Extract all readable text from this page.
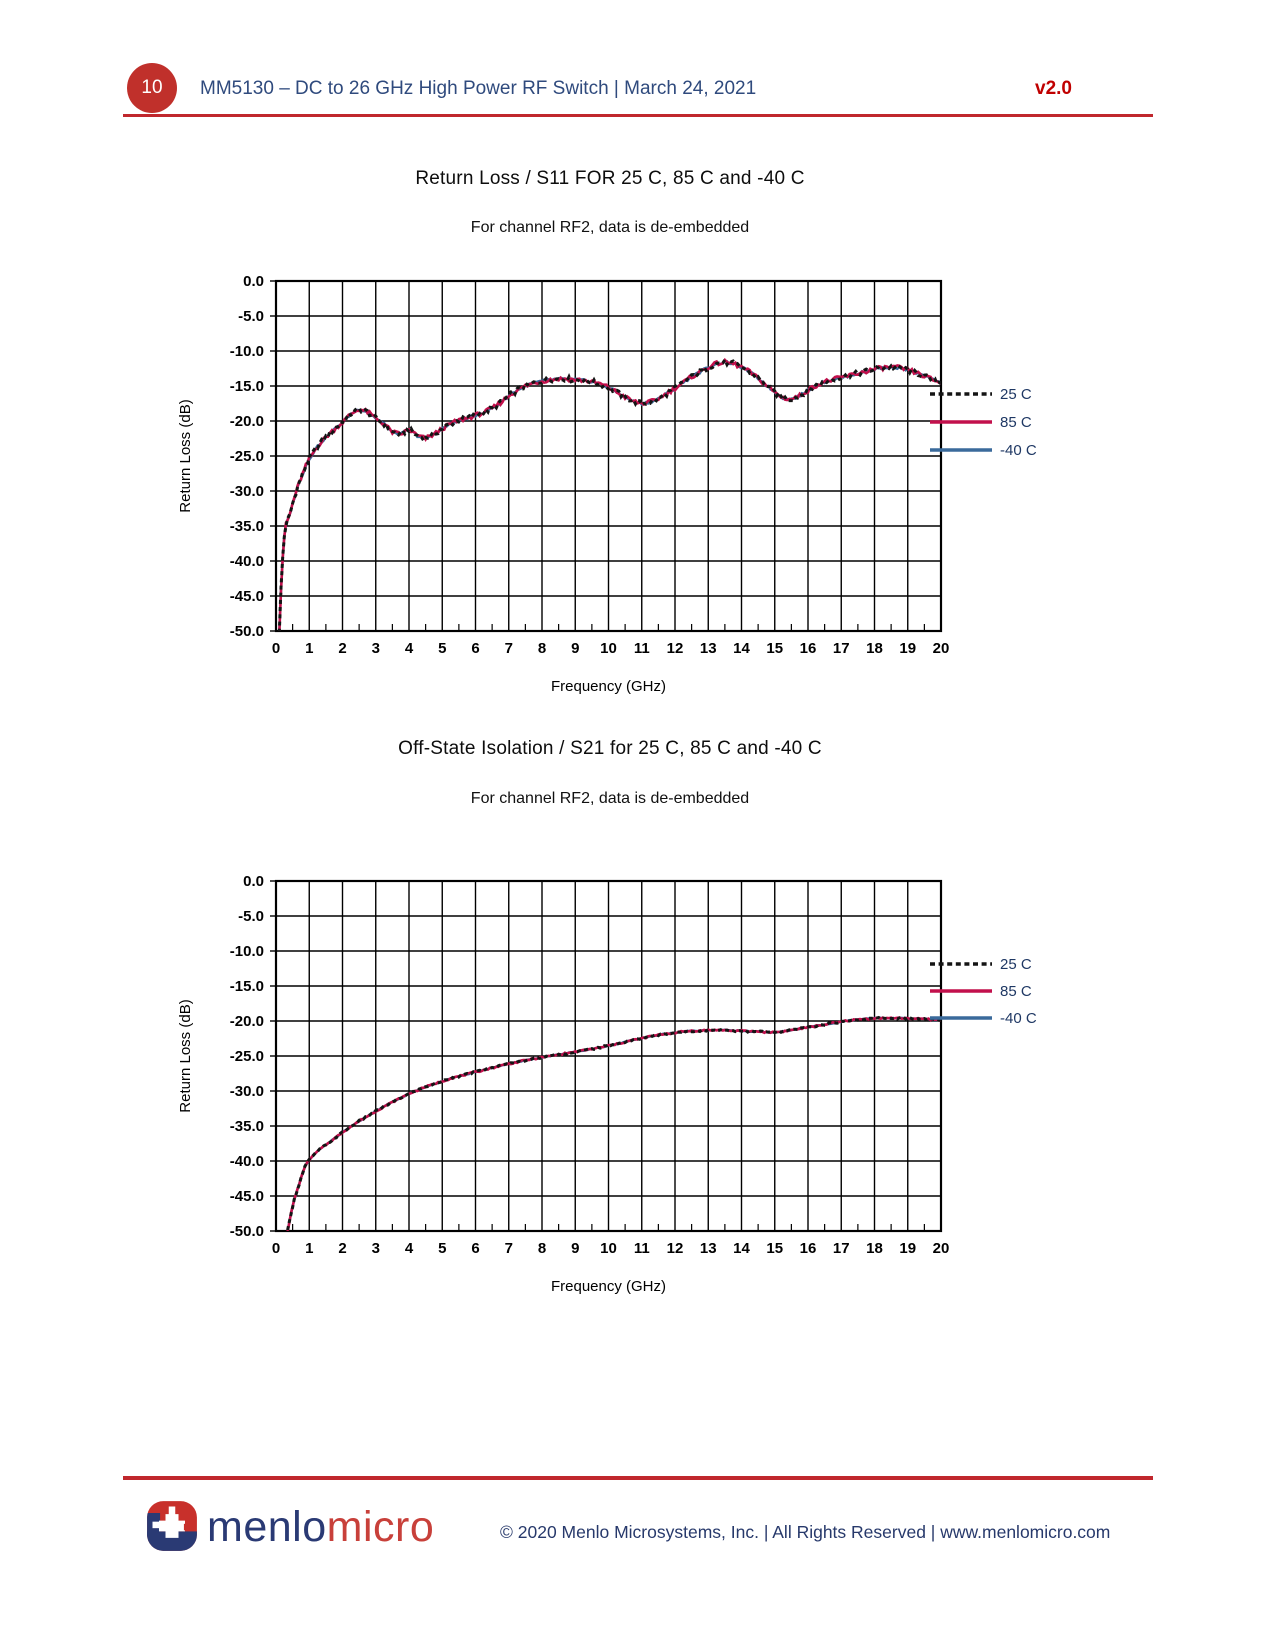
10 MM5130 – DC to 26 GHz High Power RF Switch | March 24, 2021	v2.0
Return Loss / S11 FOR 25 C, 85 C and -40 C
For channel RF2, data is de-embedded
0 1 2 3 4 5 6 7 8 9 10 11 12 13 14 15 16 17 18 19 20
0.0
-5.0
-10.0
-15.0
-20.0
-25.0
-30.0
-35.0
-40.0
-45.0
-50.0
Frequency (GHz)
Return Loss (dB)
25 C
85 C
-40 C
Off-State Isolation / S21 for 25 C, 85 C and -40 C
For channel RF2, data is de-embedded
0 1 2 3 4 5 6 7 8 9 10 11 12 13 14 15 16 17 18 19 20
0.0
-5.0
-10.0
-15.0
-20.0
-25.0
-30.0
-35.0
-40.0
-45.0
-50.0
Frequency (GHz)
Return Loss (dB)
25 C
85 C
-40 C
menlomicro	© 2020 Menlo Microsystems, Inc. | All Rights Reserved | www.menlomicro.com
